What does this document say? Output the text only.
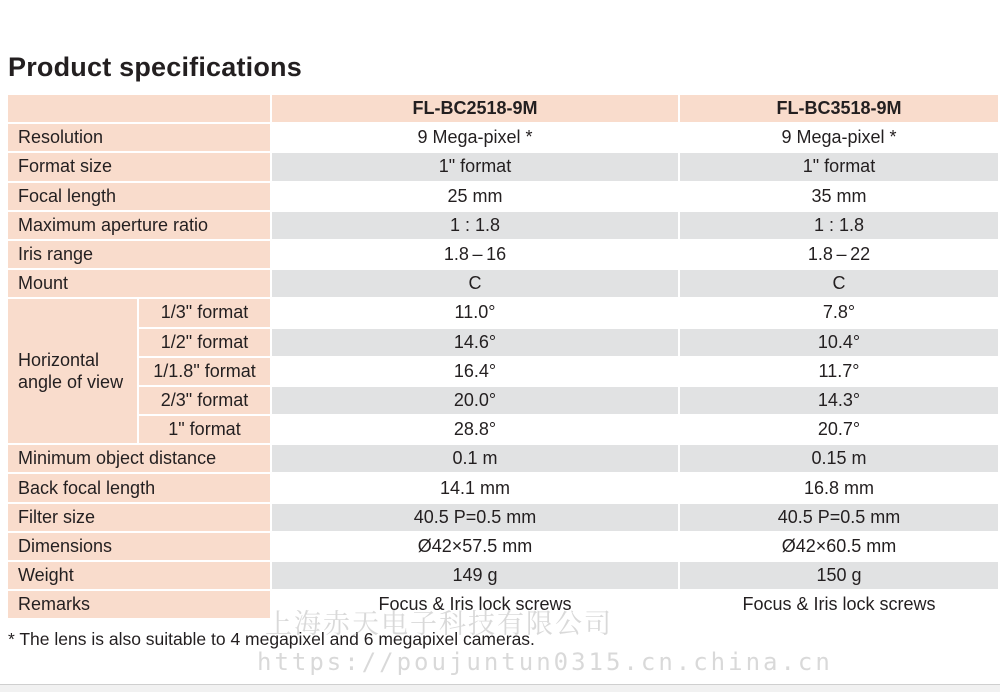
Product specifications
		FL-BC2518-9M	FL-BC3518-9M
Resolution		9 Mega-pixel *	9 Mega-pixel *
Format size		1" format	1" format
Focal length		25 mm	35 mm
Maximum aperture ratio		1 : 1.8	1 : 1.8
Iris range		1.8 – 16	1.8 – 22
Mount		C	C
Horizontal angle of view	1/3" format	11.0°	7.8°
	1/2" format	14.6°	10.4°
	1/1.8" format	16.4°	11.7°
	2/3" format	20.0°	14.3°
	1" format	28.8°	20.7°
Minimum object distance		0.1 m	0.15 m
Back focal length		14.1 mm	16.8 mm
Filter size		40.5 P=0.5 mm	40.5 P=0.5 mm
Dimensions		Ø42×57.5 mm	Ø42×60.5 mm
Weight		149 g	150 g
Remarks		Focus & Iris lock screws	Focus & Iris lock screws
* The lens is also suitable to 4 megapixel and 6 megapixel cameras.
上海赤天电子科技有限公司
https://poujuntun0315.cn.china.cn
